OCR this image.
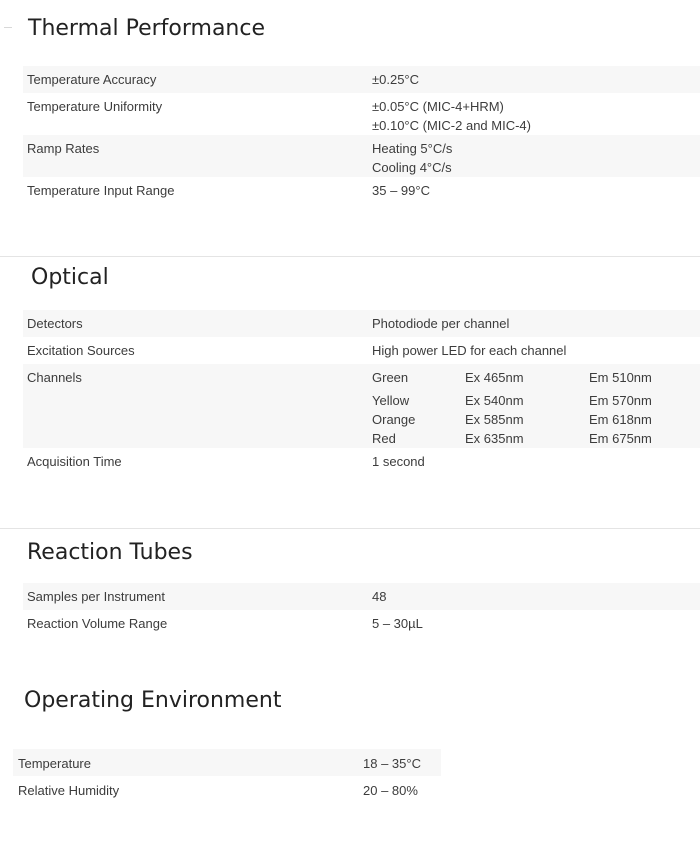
Thermal Performance
Temperature Accuracy	±0.25°C
Temperature Uniformity	±0.05°C (MIC-4+HRM)
±0.10°C (MIC-2 and MIC-4)
Ramp Rates	Heating 5°C/s
Cooling 4°C/s
Temperature Input Range	35 – 99°C
Optical
Detectors	Photodiode per channel
Excitation Sources	High power LED for each channel
Channels	Green	Ex 465nm	Em 510nm
Yellow	Ex 540nm	Em 570nm
Orange	Ex 585nm	Em 618nm
Red	Ex 635nm	Em 675nm
Acquisition Time	1 second
Reaction Tubes
Samples per Instrument	48
Reaction Volume Range	5 – 30µL
Operating Environment
Temperature	18 – 35°C
Relative Humidity	20 – 80%
